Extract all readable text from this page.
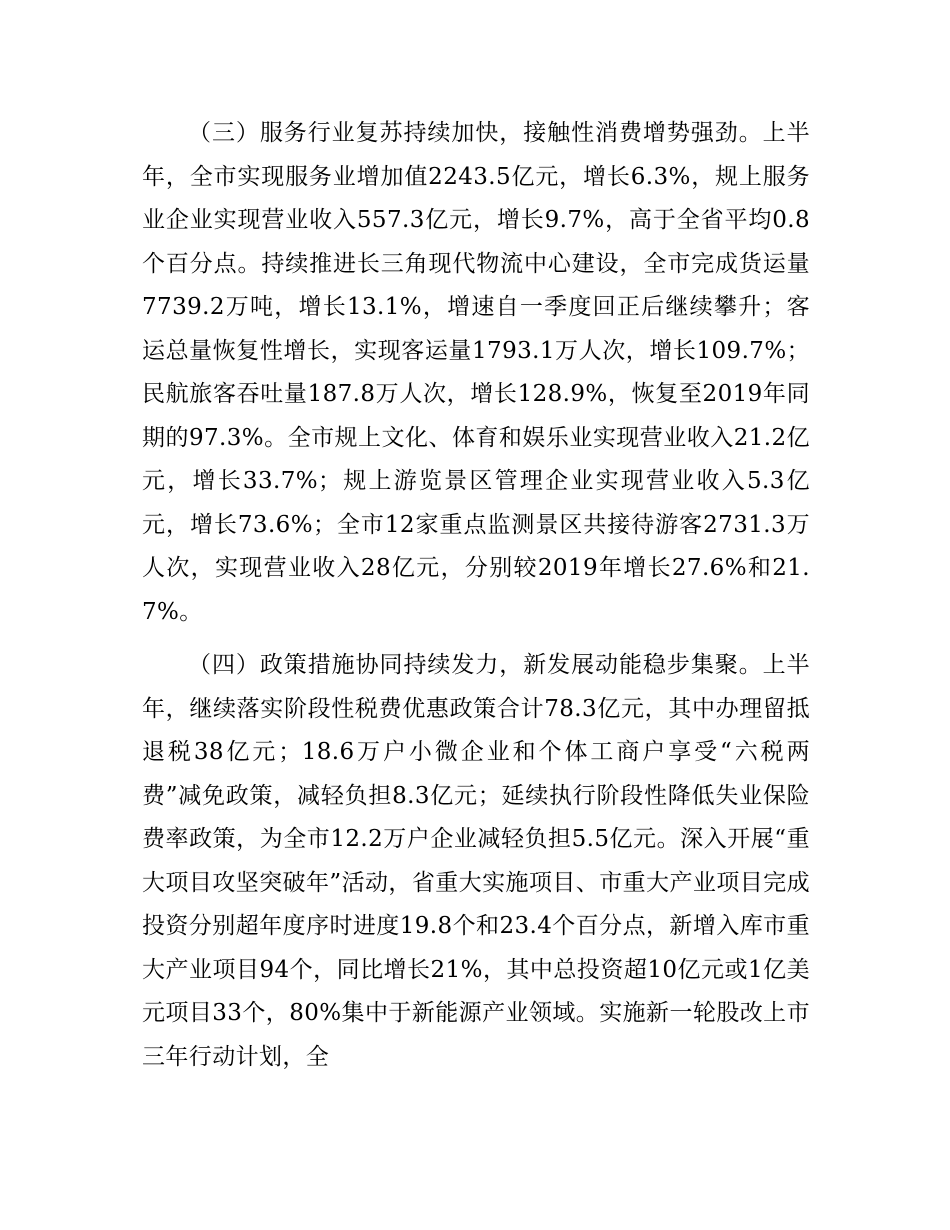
（三）服务行业复苏持续加快，接触性消费增势强劲。上半年，全市实现服务业增加值2243.5亿元，增长6.3%，规上服务业企业实现营业收入557.3亿元，增长9.7%，高于全省平均0.8个百分点。持续推进长三角现代物流中心建设，全市完成货运量7739.2万吨，增长13.1%，增速自一季度回正后继续攀升；客运总量恢复性增长，实现客运量1793.1万人次，增长109.7%；民航旅客吞吐量187.8万人次，增长128.9%，恢复至2019年同期的97.3%。全市规上文化、体育和娱乐业实现营业收入21.2亿元，增长33.7%；规上游览景区管理企业实现营业收入5.3亿元，增长73.6%；全市12家重点监测景区共接待游客2731.3万人次，实现营业收入28亿元，分别较2019年增长27.6%和21.7%。

（四）政策措施协同持续发力，新发展动能稳步集聚。上半年，继续落实阶段性税费优惠政策合计78.3亿元，其中办理留抵退税38亿元；18.6万户小微企业和个体工商户享受“六税两费”减免政策，减轻负担8.3亿元；延续执行阶段性降低失业保险费率政策，为全市12.2万户企业减轻负担5.5亿元。深入开展“重大项目攻坚突破年”活动，省重大实施项目、市重大产业项目完成投资分别超年度序时进度19.8个和23.4个百分点，新增入库市重大产业项目94个，同比增长21%，其中总投资超10亿元或1亿美元项目33个，80%集中于新能源产业领域。实施新一轮股改上市三年行动计划，全
